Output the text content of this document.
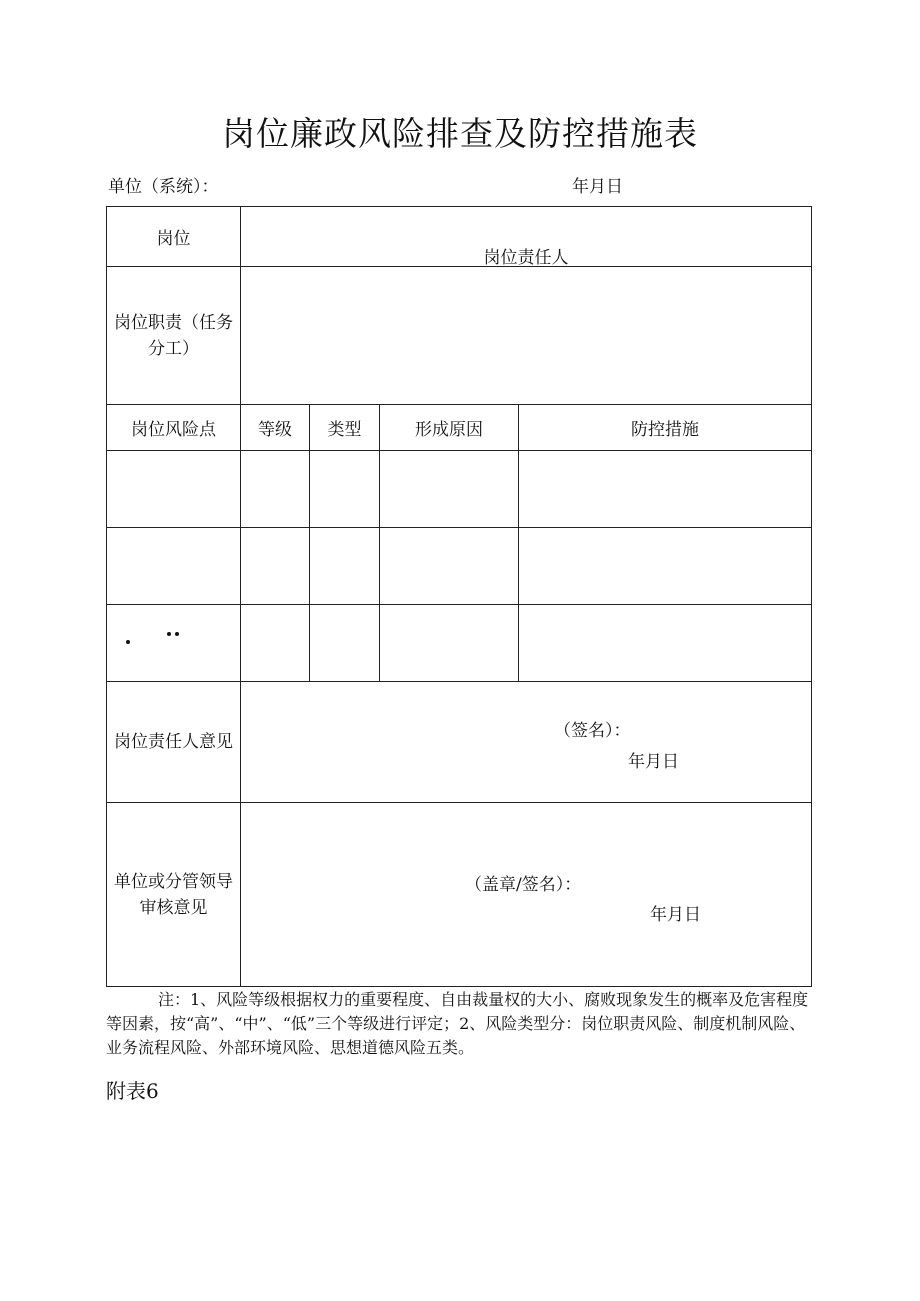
岗位廉政风险排查及防控措施表
单位（系统）：	年月日
岗位	岗位责任人			

岗位职责（任务分工）				

岗位风险点	等级	类型	形成原因	防控措施

岗位责任人意见	（签名）：
年月日			

单位或分管领导审核意见	（盖章/签名）：
年月日			
注：1、风险等级根据权力的重要程度、自由裁量权的大小、腐败现象发生的概率及危害程度等因素，按“高”、“中”、“低”三个等级进行评定；2、风险类型分：岗位职责风险、制度机制风险、业务流程风险、外部环境风险、思想道德风险五类。
附表6
